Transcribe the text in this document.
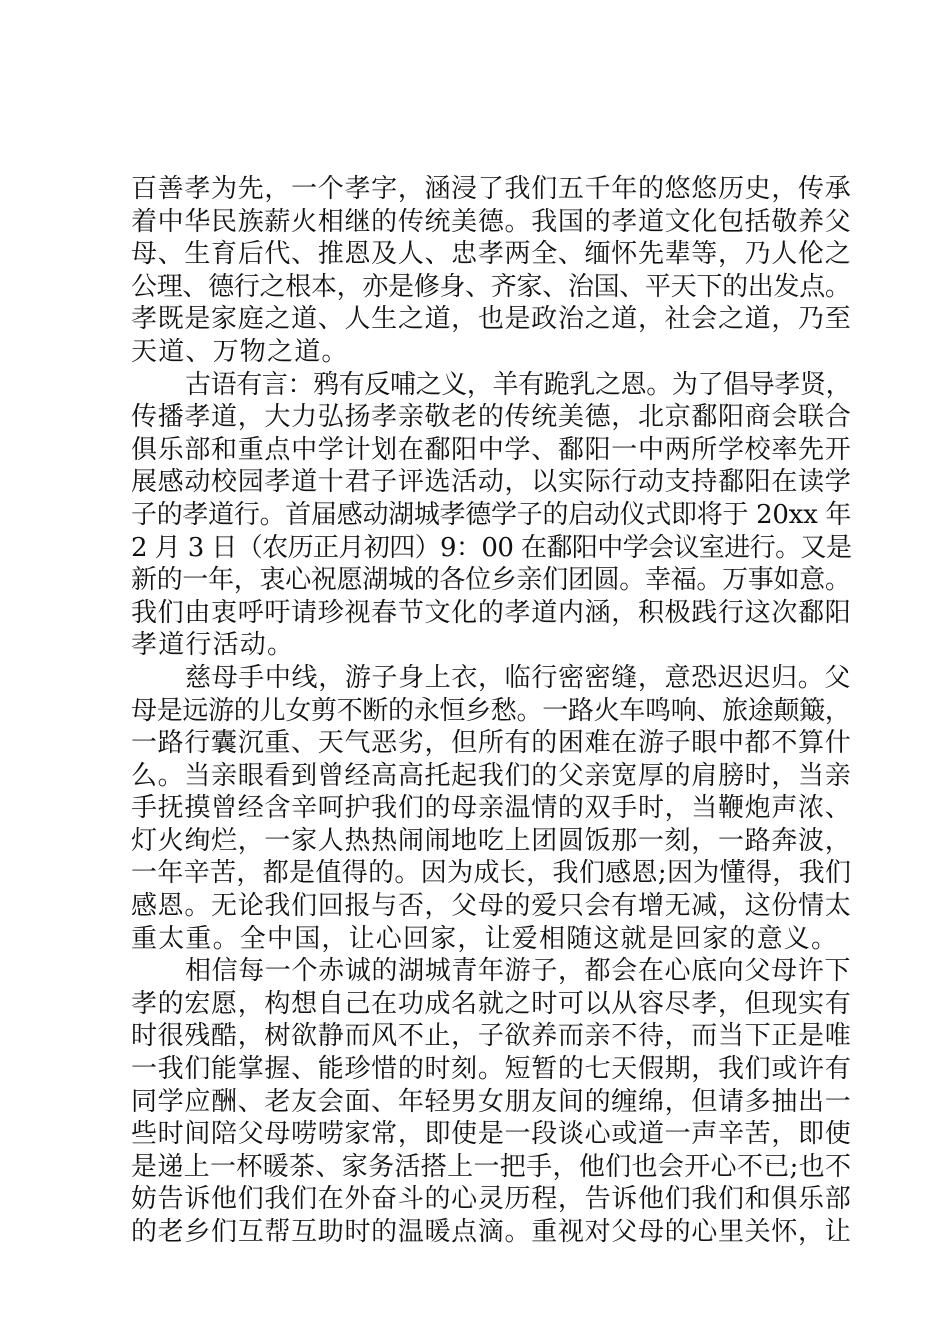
百善孝为先，一个孝字，涵浸了我们五千年的悠悠历史，传承
着中华民族薪火相继的传统美德。我国的孝道文化包括敬养父
母、生育后代、推恩及人、忠孝两全、缅怀先辈等，乃人伦之
公理、德行之根本，亦是修身、齐家、治国、平天下的出发点。
孝既是家庭之道、人生之道，也是政治之道，社会之道，乃至
天道、万物之道。
古语有言：鸦有反哺之义，羊有跪乳之恩。为了倡导孝贤，
传播孝道，大力弘扬孝亲敬老的传统美德，北京鄱阳商会联合
俱乐部和重点中学计划在鄱阳中学、鄱阳一中两所学校率先开
展感动校园孝道十君子评选活动，以实际行动支持鄱阳在读学
子的孝道行。首届感动湖城孝德学子的启动仪式即将于 20xx 年
2 月 3 日（农历正月初四）9：00 在鄱阳中学会议室进行。又是
新的一年，衷心祝愿湖城的各位乡亲们团圆。幸福。万事如意。
我们由衷呼吁请珍视春节文化的孝道内涵，积极践行这次鄱阳
孝道行活动。
慈母手中线，游子身上衣，临行密密缝，意恐迟迟归。父
母是远游的儿女剪不断的永恒乡愁。一路火车鸣响、旅途颠簸，
一路行囊沉重、天气恶劣，但所有的困难在游子眼中都不算什
么。当亲眼看到曾经高高托起我们的父亲宽厚的肩膀时，当亲
手抚摸曾经含辛呵护我们的母亲温情的双手时，当鞭炮声浓、
灯火绚烂，一家人热热闹闹地吃上团圆饭那一刻，一路奔波，
一年辛苦，都是值得的。因为成长，我们感恩;因为懂得，我们
感恩。无论我们回报与否，父母的爱只会有增无减，这份情太
重太重。全中国，让心回家，让爱相随这就是回家的意义。
相信每一个赤诚的湖城青年游子，都会在心底向父母许下
孝的宏愿，构想自己在功成名就之时可以从容尽孝，但现实有
时很残酷，树欲静而风不止，子欲养而亲不待，而当下正是唯
一我们能掌握、能珍惜的时刻。短暂的七天假期，我们或许有
同学应酬、老友会面、年轻男女朋友间的缠绵，但请多抽出一
些时间陪父母唠唠家常，即使是一段谈心或道一声辛苦，即使
是递上一杯暖茶、家务活搭上一把手，他们也会开心不已;也不
妨告诉他们我们在外奋斗的心灵历程，告诉他们我们和俱乐部
的老乡们互帮互助时的温暖点滴。重视对父母的心里关怀，让
